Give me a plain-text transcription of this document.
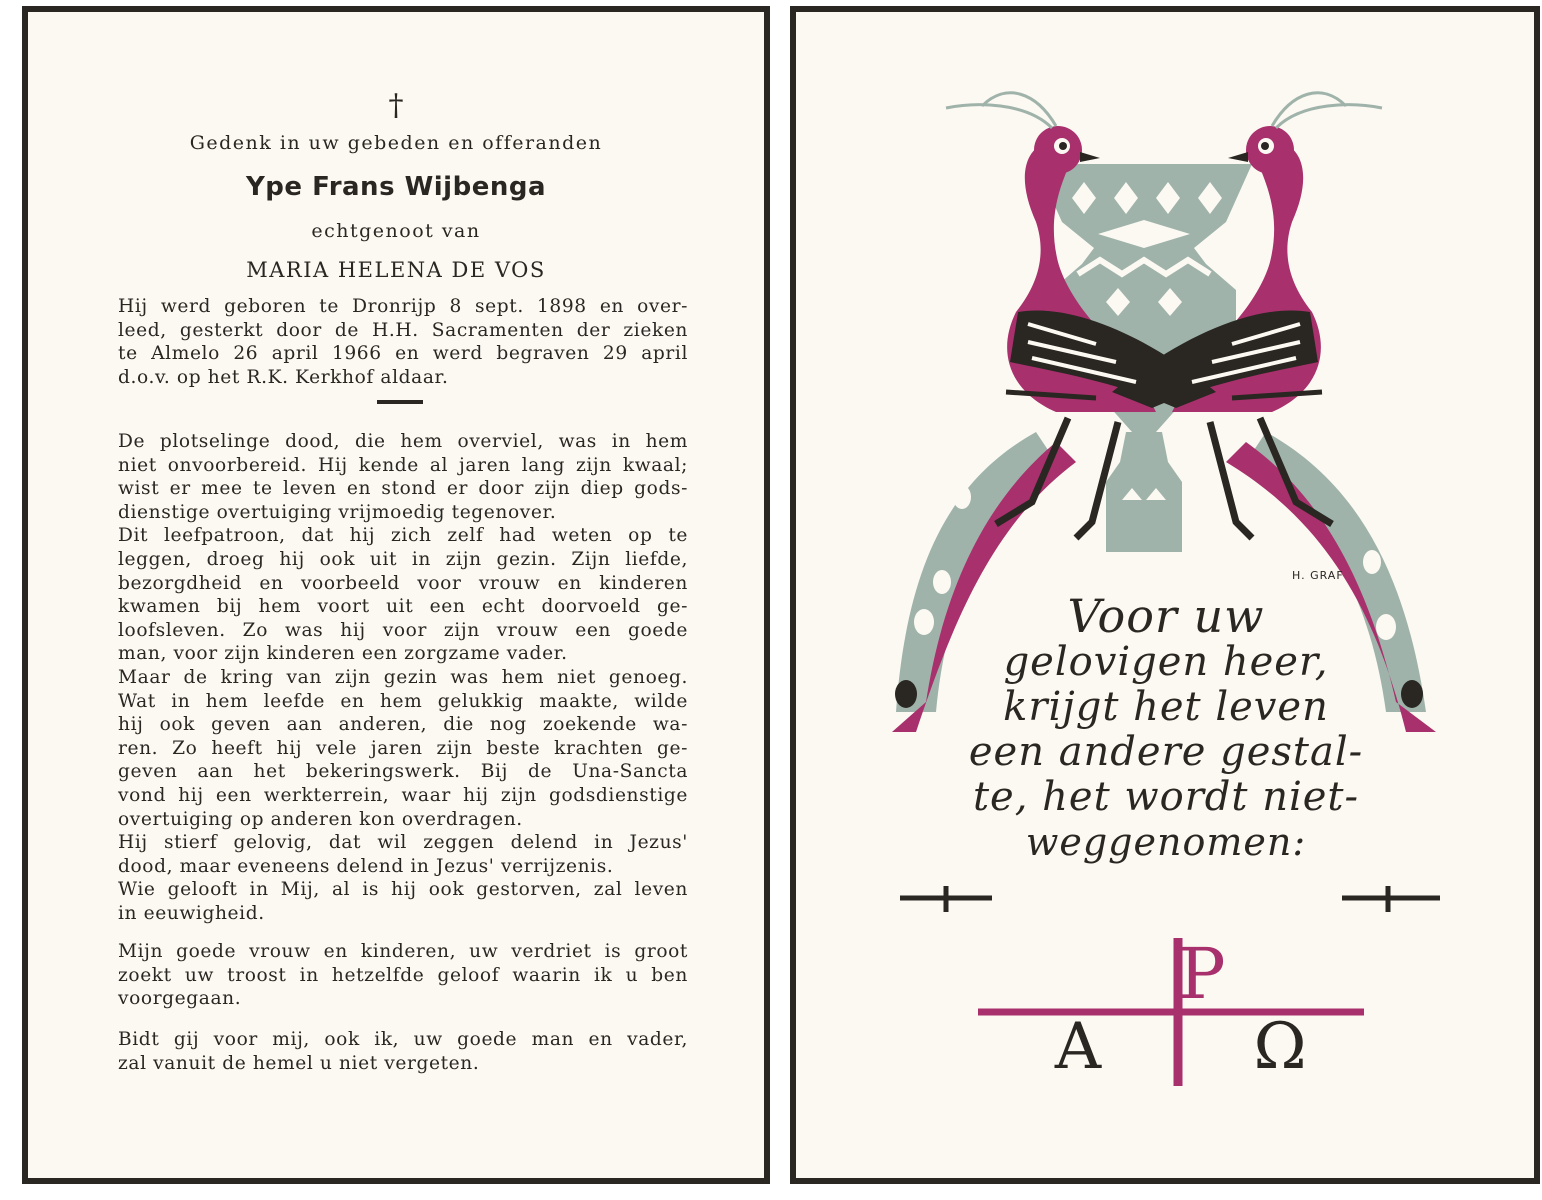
†
Gedenk in uw gebeden en offeranden
Ype Frans Wijbenga
echtgenoot van
MARIA HELENA DE VOS
Hij werd geboren te Dronrijp 8 sept. 1898 en over-
leed, gesterkt door de H.H. Sacramenten der zieken
te Almelo 26 april 1966 en werd begraven 29 april
d.o.v. op het R.K. Kerkhof aldaar.
De plotselinge dood, die hem overviel, was in hem
niet onvoorbereid. Hij kende al jaren lang zijn kwaal;
wist er mee te leven en stond er door zijn diep gods-
dienstige overtuiging vrijmoedig tegenover.
Dit leefpatroon, dat hij zich zelf had weten op te
leggen, droeg hij ook uit in zijn gezin. Zijn liefde,
bezorgdheid en voorbeeld voor vrouw en kinderen
kwamen bij hem voort uit een echt doorvoeld ge-
loofsleven. Zo was hij voor zijn vrouw een goede
man, voor zijn kinderen een zorgzame vader.
Maar de kring van zijn gezin was hem niet genoeg.
Wat in hem leefde en hem gelukkig maakte, wilde
hij ook geven aan anderen, die nog zoekende wa-
ren. Zo heeft hij vele jaren zijn beste krachten ge-
geven aan het bekeringswerk. Bij de Una-Sancta
vond hij een werkterrein, waar hij zijn godsdienstige
overtuiging op anderen kon overdragen.
Hij stierf gelovig, dat wil zeggen delend in Jezus'
dood, maar eveneens delend in Jezus' verrijzenis.
Wie gelooft in Mij, al is hij ook gestorven, zal leven
in eeuwigheid.
Mijn goede vrouw en kinderen, uw verdriet is groot
zoekt uw troost in hetzelfde geloof waarin ik u ben
voorgegaan.
Bidt gij voor mij, ook ik, uw goede man en vader,
zal vanuit de hemel u niet vergeten.
P
A Ω
H. GRAF
Voor uw
gelovigen heer,
krijgt het leven
een andere gestal-
te, het wordt niet-
weggenomen:
